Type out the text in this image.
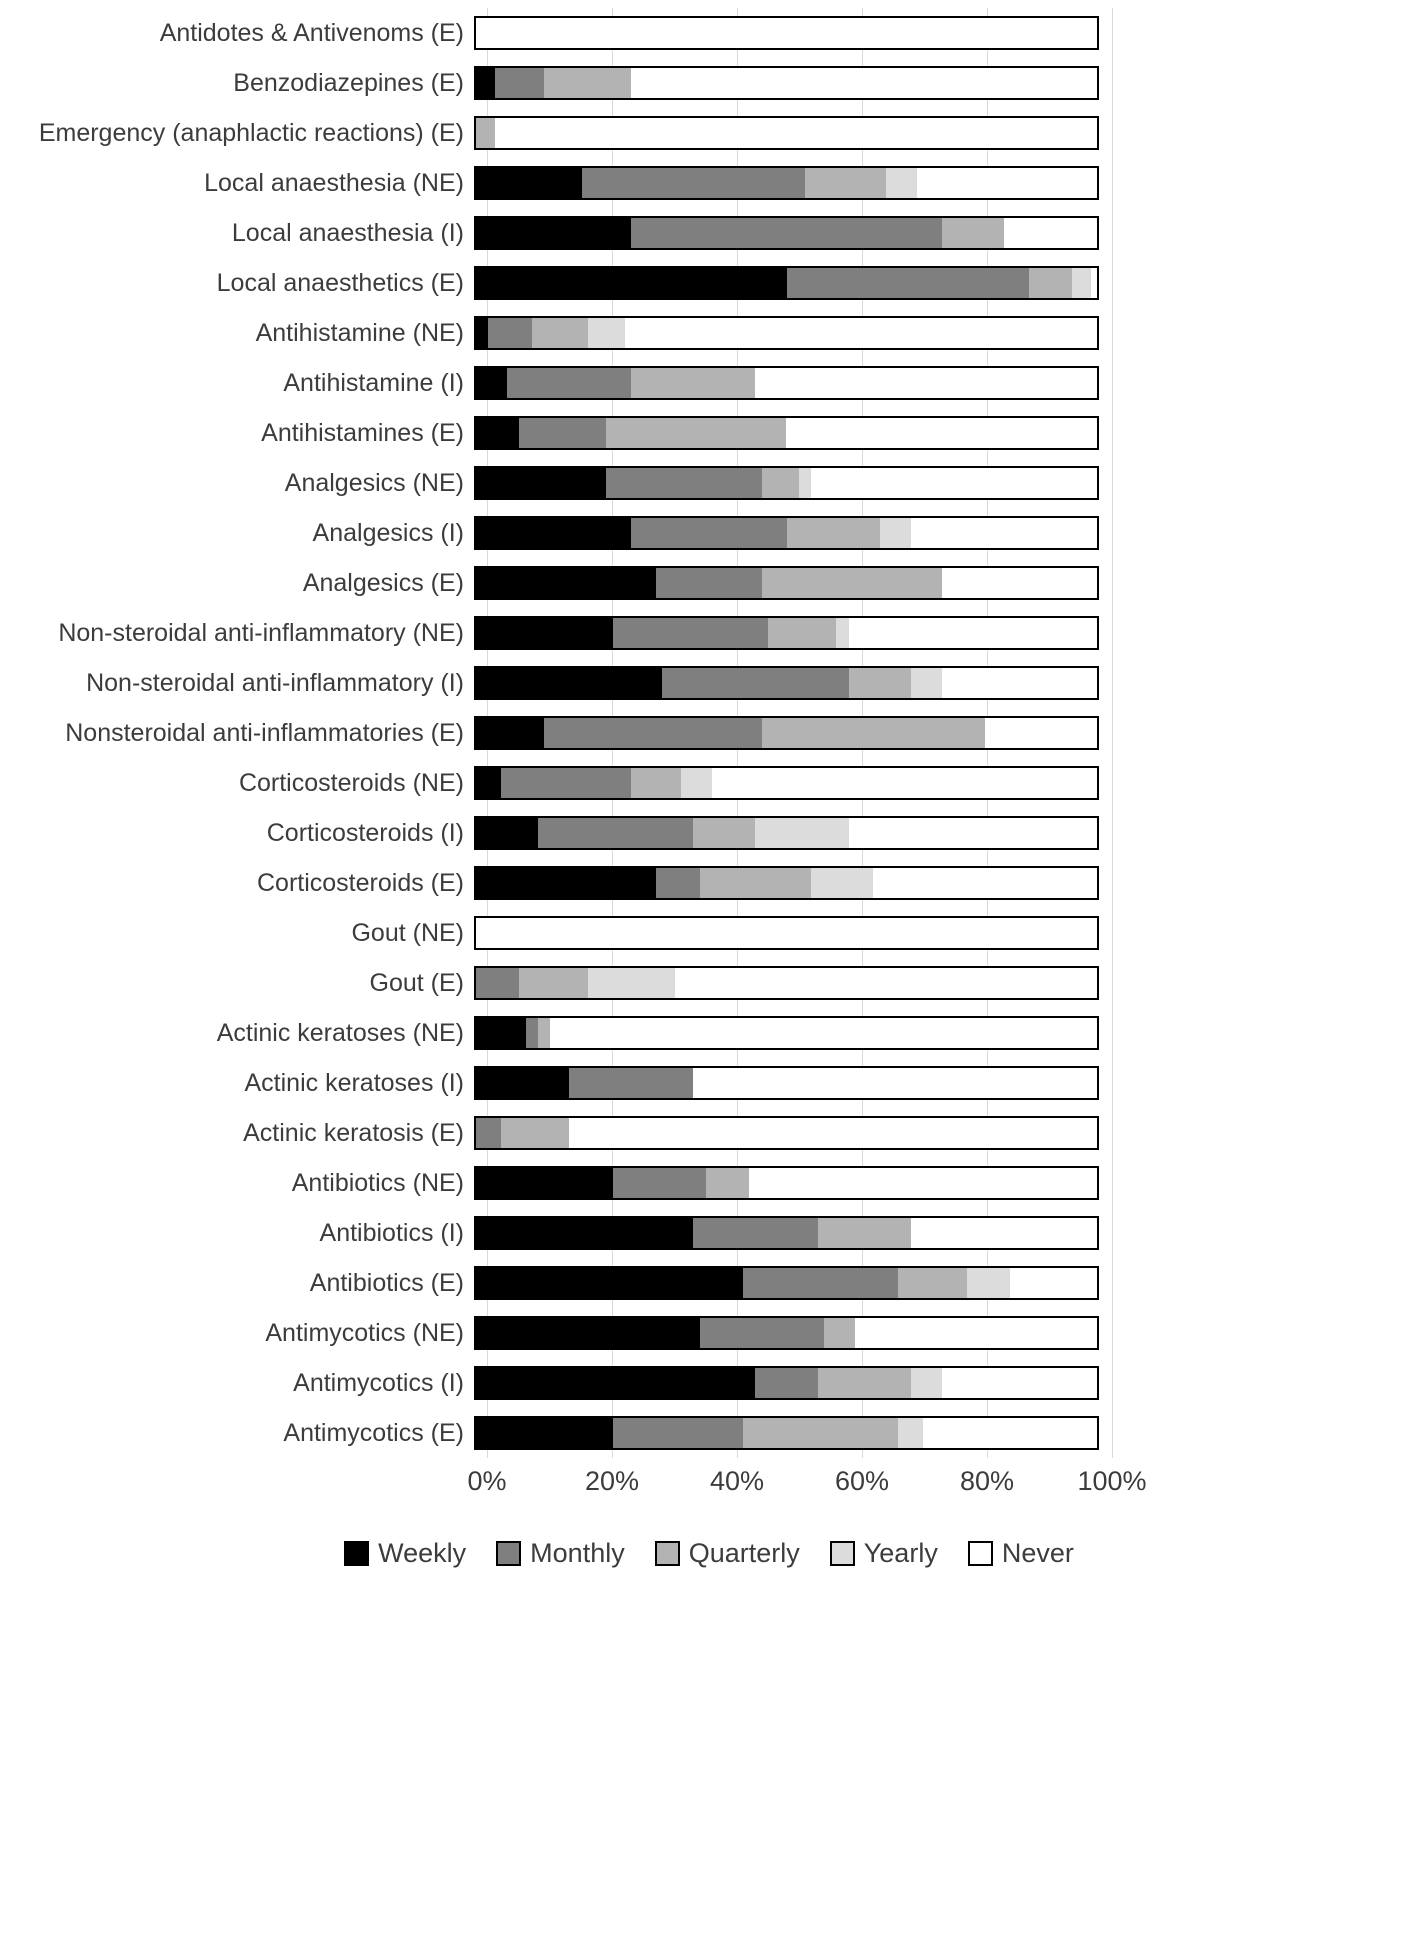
Antidotes & Antivenoms (E)
Benzodiazepines (E)
Emergency (anaphlactic reactions) (E)
Local anaesthesia (NE)
Local anaesthesia (I)
Local anaesthetics (E)
Antihistamine (NE)
Antihistamine (I)
Antihistamines (E)
Analgesics (NE)
Analgesics (I)
Analgesics (E)
Non-steroidal anti-inflammatory (NE)
Non-steroidal anti-inflammatory (I)
Nonsteroidal anti-inflammatories (E)
Corticosteroids (NE)
Corticosteroids (I)
Corticosteroids (E)
Gout (NE)
Gout (E)
Actinic keratoses (NE)
Actinic keratoses (I)
Actinic keratosis (E)
Antibiotics (NE)
Antibiotics (I)
Antibiotics (E)
Antimycotics (NE)
Antimycotics (I)
Antimycotics (E)
0%	20%	40%	60%	80% 100%
Weekly Monthly Quarterly Yearly Never
